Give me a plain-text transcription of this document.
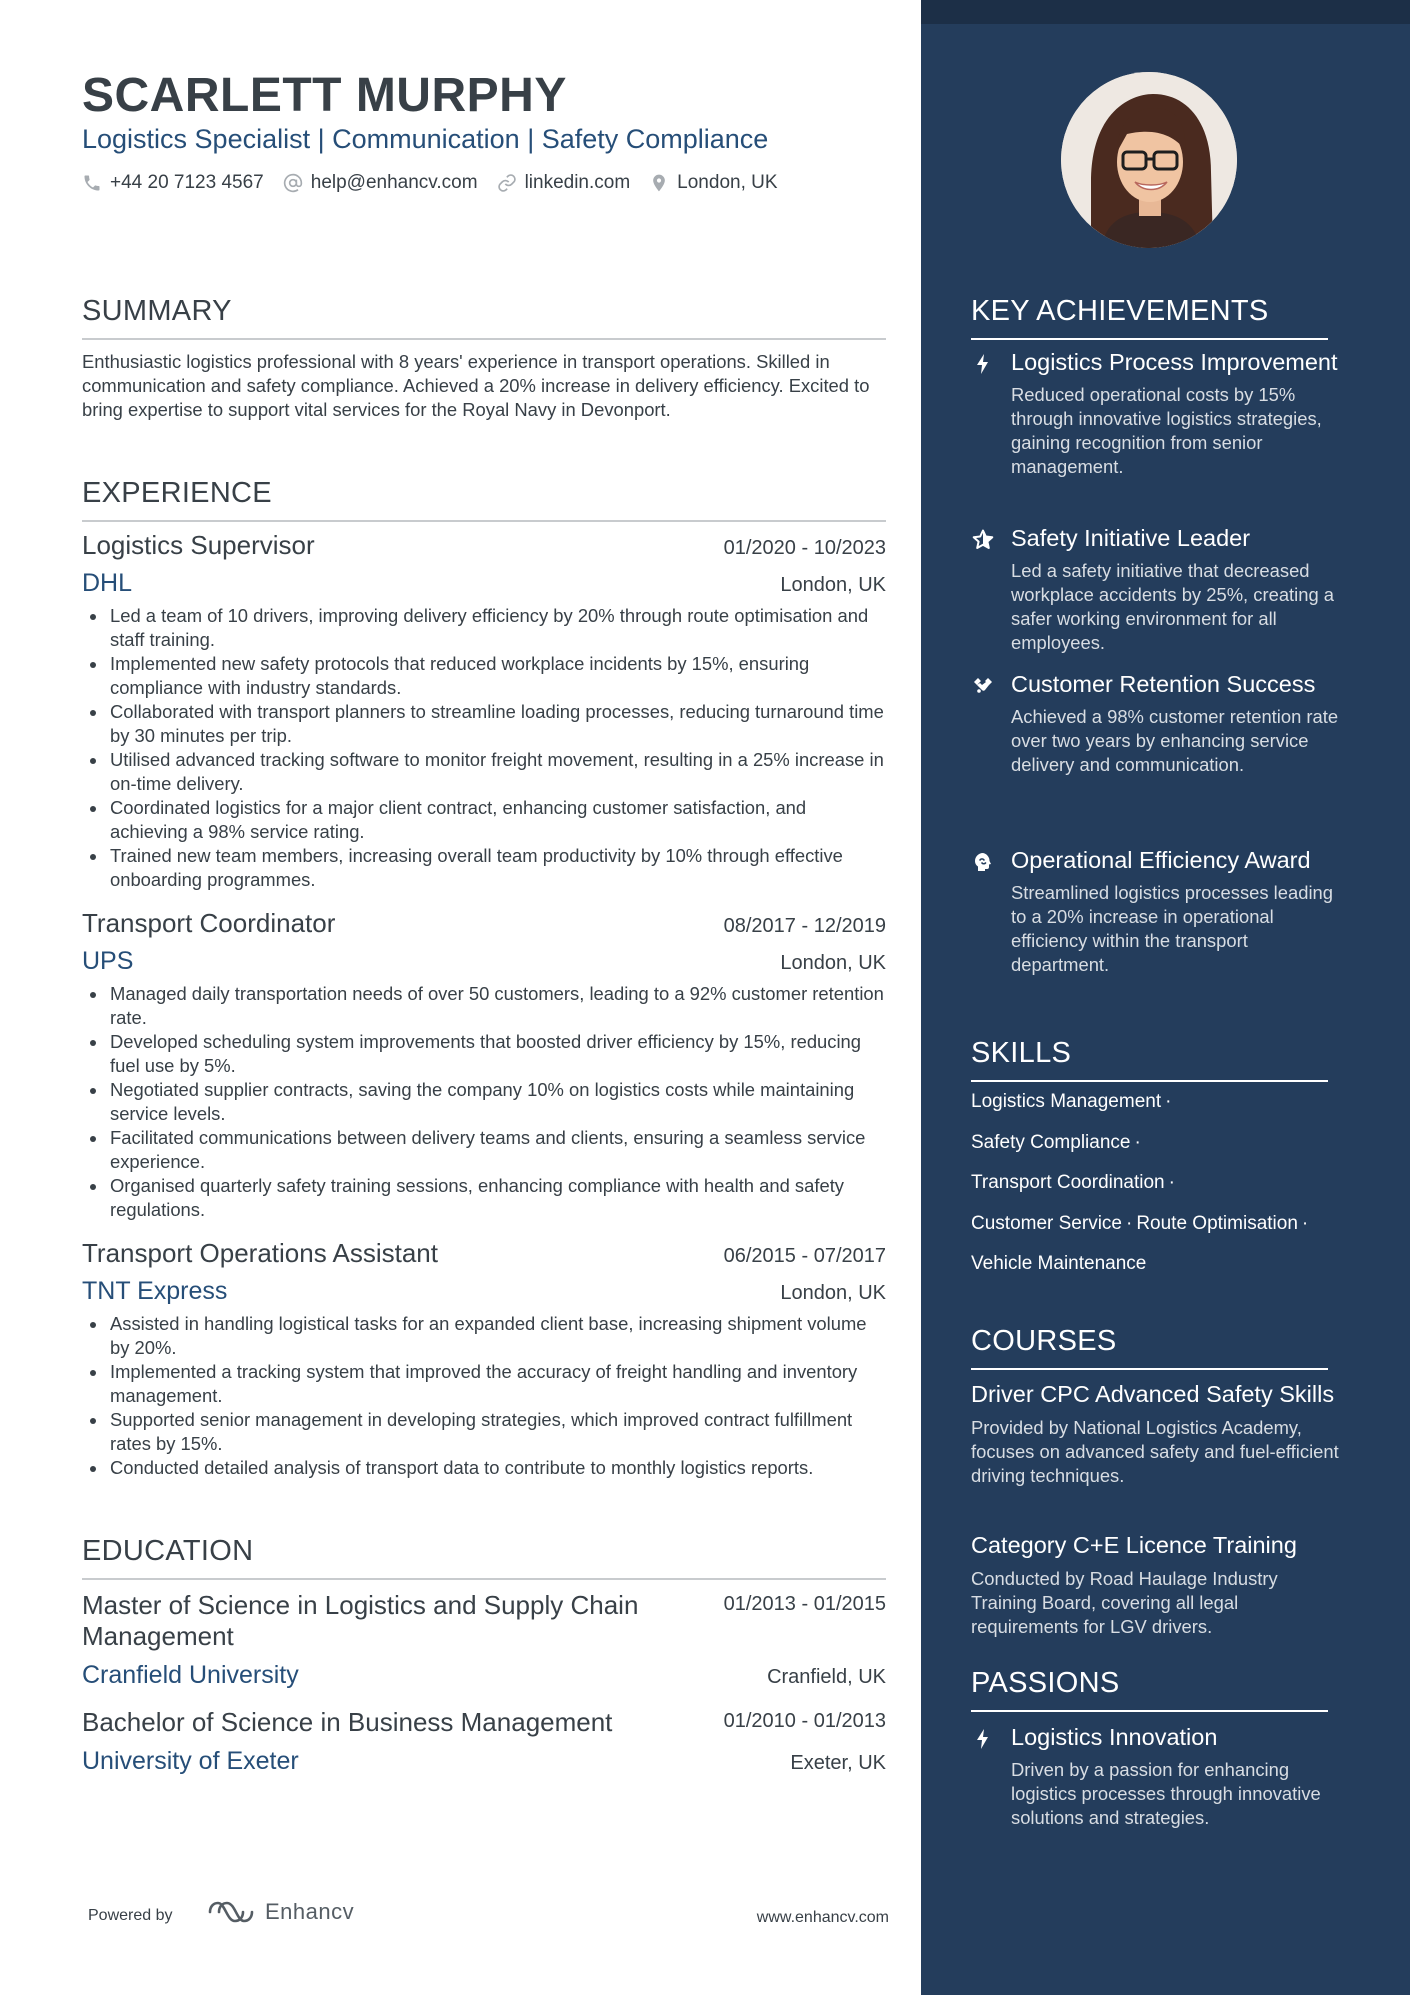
SCARLETT MURPHY
Logistics Specialist | Communication | Safety Compliance
+44 20 7123 4567 help@enhancv.com linkedin.com London, UK
SUMMARY
Enthusiastic logistics professional with 8 years' experience in transport operations. Skilled in communication and safety compliance. Achieved a 20% increase in delivery efficiency. Excited to bring expertise to support vital services for the Royal Navy in Devonport.
EXPERIENCE
Logistics Supervisor	01/2020 - 10/2023
DHL	London, UK
Led a team of 10 drivers, improving delivery efficiency by 20% through route optimisation and staff training.
Implemented new safety protocols that reduced workplace incidents by 15%, ensuring compliance with industry standards.
Collaborated with transport planners to streamline loading processes, reducing turnaround time by 30 minutes per trip.
Utilised advanced tracking software to monitor freight movement, resulting in a 25% increase in on-time delivery.
Coordinated logistics for a major client contract, enhancing customer satisfaction, and achieving a 98% service rating.
Trained new team members, increasing overall team productivity by 10% through effective onboarding programmes.
Transport Coordinator	08/2017 - 12/2019
UPS	London, UK
Managed daily transportation needs of over 50 customers, leading to a 92% customer retention rate.
Developed scheduling system improvements that boosted driver efficiency by 15%, reducing fuel use by 5%.
Negotiated supplier contracts, saving the company 10% on logistics costs while maintaining service levels.
Facilitated communications between delivery teams and clients, ensuring a seamless service experience.
Organised quarterly safety training sessions, enhancing compliance with health and safety regulations.
Transport Operations Assistant	06/2015 - 07/2017
TNT Express	London, UK
Assisted in handling logistical tasks for an expanded client base, increasing shipment volume by 20%.
Implemented a tracking system that improved the accuracy of freight handling and inventory management.
Supported senior management in developing strategies, which improved contract fulfillment rates by 15%.
Conducted detailed analysis of transport data to contribute to monthly logistics reports.
EDUCATION
Master of Science in Logistics and Supply Chain Management
01/2013 - 01/2015
Cranfield University	Cranfield, UK
Bachelor of Science in Business Management	01/2010 - 01/2013
University of Exeter	Exeter, UK
Powered by	Enhancv	www.enhancv.com
KEY ACHIEVEMENTS
Logistics Process Improvement
Reduced operational costs by 15% through innovative logistics strategies, gaining recognition from senior management.
Safety Initiative Leader
Led a safety initiative that decreased workplace accidents by 25%, creating a safer working environment for all employees.
Customer Retention Success
Achieved a 98% customer retention rate over two years by enhancing service delivery and communication.
Operational Efficiency Award
Streamlined logistics processes leading to a 20% increase in operational efficiency within the transport department.
SKILLS
Logistics Management ·
Safety Compliance ·
Transport Coordination ·
Customer Service · Route Optimisation ·
Vehicle Maintenance
COURSES
Driver CPC Advanced Safety Skills
Provided by National Logistics Academy, focuses on advanced safety and fuel-efficient driving techniques.
Category C+E Licence Training
Conducted by Road Haulage Industry Training Board, covering all legal requirements for LGV drivers.
PASSIONS
Logistics Innovation
Driven by a passion for enhancing logistics processes through innovative solutions and strategies.
